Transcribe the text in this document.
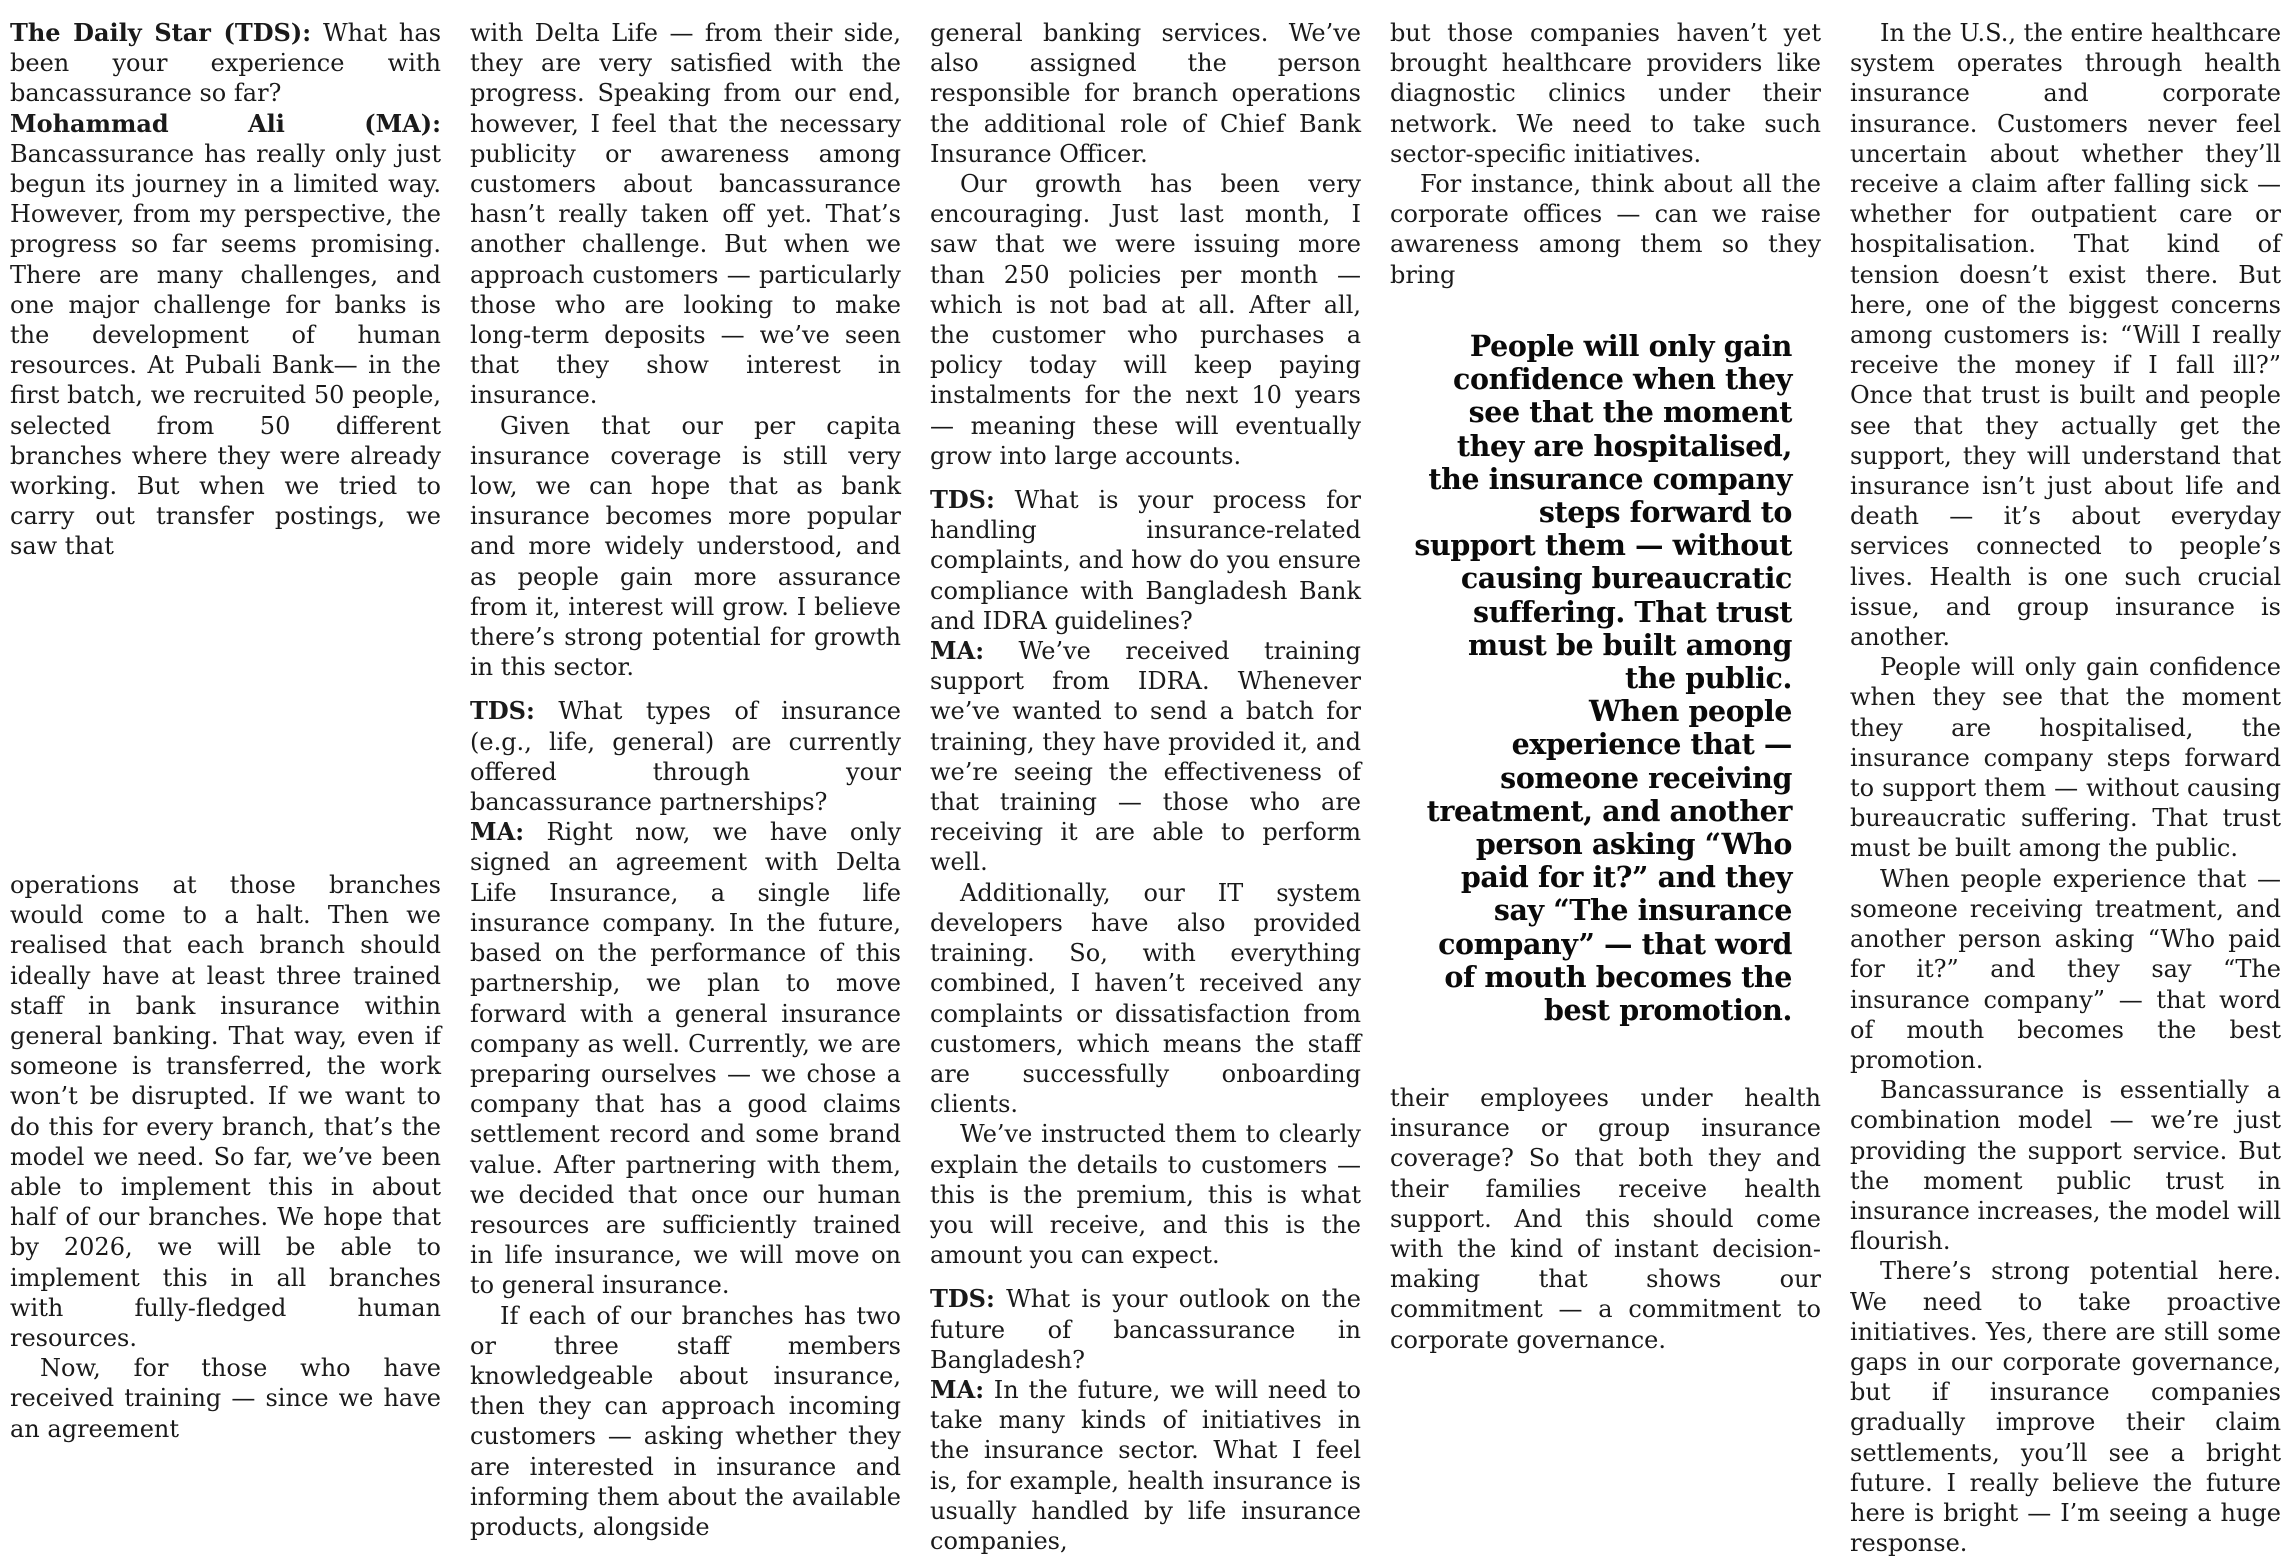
The Daily Star (TDS): What has been your experience with bancassurance so far?

Mohammad Ali (MA): Bancassurance has really only just begun its journey in a limited way. However, from my perspective, the progress so far seems promising. There are many challenges, and one major challenge for banks is the development of human resources. At Pubali Bank— in the first batch, we recruited 50 people, selected from 50 different branches where they were already working. But when we tried to carry out transfer postings, we saw that

operations at those branches would come to a halt. Then we realised that each branch should ideally have at least three trained staff in bank insurance within general banking. That way, even if someone is transferred, the work won’t be disrupted. If we want to do this for every branch, that’s the model we need. So far, we’ve been able to implement this in about half of our branches. We hope that by 2026, we will be able to implement this in all branches with fully-fledged human resources.

Now, for those who have received training — since we have an agreement

with Delta Life — from their side, they are very satisfied with the progress. Speaking from our end, however, I feel that the necessary publicity or awareness among customers about bancassurance hasn’t really taken off yet. That’s another challenge. But when we approach customers — particularly those who are looking to make long-term deposits — we’ve seen that they show interest in insurance.

Given that our per capita insurance coverage is still very low, we can hope that as bank insurance becomes more popular and more widely understood, and as people gain more assurance from it, interest will grow. I believe there’s strong potential for growth in this sector.

TDS: What types of insurance (e.g., life, general) are currently offered through your bancassurance partnerships?

MA: Right now, we have only signed an agreement with Delta Life Insurance, a single life insurance company. In the future, based on the performance of this partnership, we plan to move forward with a general insurance company as well. Currently, we are preparing ourselves — we chose a company that has a good claims settlement record and some brand value. After partnering with them, we decided that once our human resources are sufficiently trained in life insurance, we will move on to general insurance.

If each of our branches has two or three staff members knowledgeable about insurance, then they can approach incoming customers — asking whether they are interested in insurance and informing them about the available products, alongside

general banking services. We’ve also assigned the person responsible for branch operations the additional role of Chief Bank Insurance Officer.

Our growth has been very encouraging. Just last month, I saw that we were issuing more than 250 policies per month — which is not bad at all. After all, the customer who purchases a policy today will keep paying instalments for the next 10 years — meaning these will eventually grow into large accounts.

TDS: What is your process for handling insurance-related complaints, and how do you ensure compliance with Bangladesh Bank and IDRA guidelines?

MA: We’ve received training support from IDRA. Whenever we’ve wanted to send a batch for training, they have provided it, and we’re seeing the effectiveness of that training — those who are receiving it are able to perform well.

Additionally, our IT system developers have also provided training. So, with everything combined, I haven’t received any complaints or dissatisfaction from customers, which means the staff are successfully onboarding clients.

We’ve instructed them to clearly explain the details to customers — this is the premium, this is what you will receive, and this is the amount you can expect.

TDS: What is your outlook on the future of bancassurance in Bangladesh?

MA: In the future, we will need to take many kinds of initiatives in the insurance sector. What I feel is, for example, health insurance is usually handled by life insurance companies,

but those companies haven’t yet brought healthcare providers like diagnostic clinics under their network. We need to take such sector-specific initiatives.

For instance, think about all the corporate offices — can we raise awareness among them so they bring

People will only gain
confidence when they
see that the moment
they are hospitalised,
the insurance company
steps forward to
support them — without
causing bureaucratic
suffering. That trust
must be built among
the public.
When people
experience that —
someone receiving
treatment, and another
person asking “Who
paid for it?” and they
say “The insurance
company” — that word
of mouth becomes the
best promotion.

their employees under health insurance or group insurance coverage? So that both they and their families receive health support. And this should come with the kind of instant decision-making that shows our commitment — a commitment to corporate governance.

In the U.S., the entire healthcare system operates through health insurance and corporate insurance. Customers never feel uncertain about whether they’ll receive a claim after falling sick — whether for outpatient care or hospitalisation. That kind of tension doesn’t exist there. But here, one of the biggest concerns among customers is: “Will I really receive the money if I fall ill?” Once that trust is built and people see that they actually get the support, they will understand that insurance isn’t just about life and death — it’s about everyday services connected to people’s lives. Health is one such crucial issue, and group insurance is another.

People will only gain confidence when they see that the moment they are hospitalised, the insurance company steps forward to support them — without causing bureaucratic suffering. That trust must be built among the public.

When people experience that — someone receiving treatment, and another person asking “Who paid for it?” and they say “The insurance company” — that word of mouth becomes the best promotion.

Bancassurance is essentially a combination model — we’re just providing the support service. But the moment public trust in insurance increases, the model will flourish.

There’s strong potential here. We need to take proactive initiatives. Yes, there are still some gaps in our corporate governance, but if insurance companies gradually improve their claim settlements, you’ll see a bright future. I really believe the future here is bright — I’m seeing a huge response.
